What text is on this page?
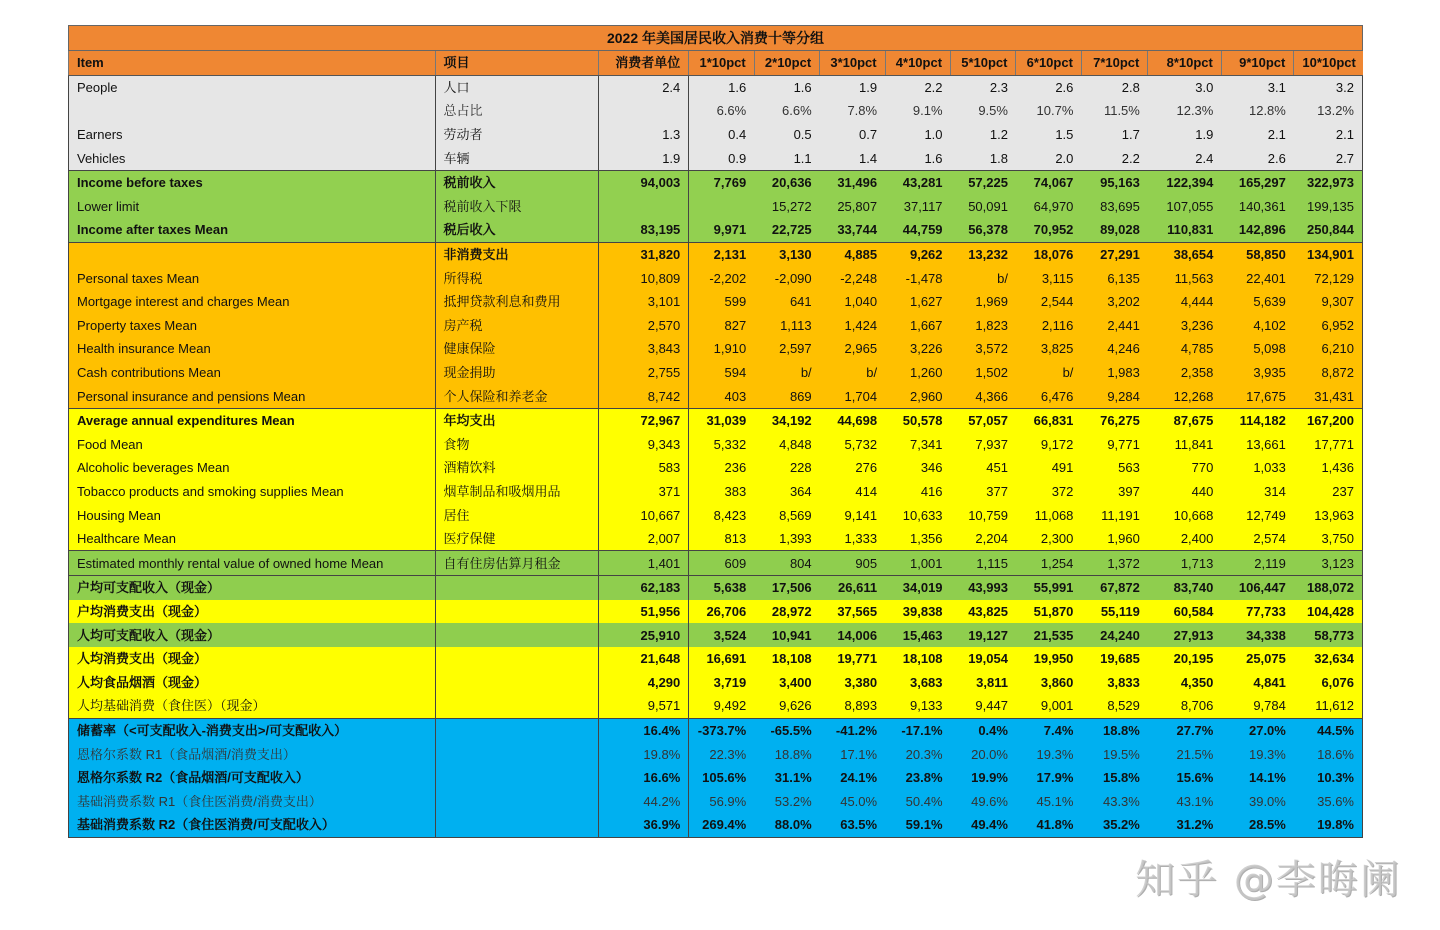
2022 年美国居民收入消费十等分组												
Item	项目	消费者单位	1*10pct	2*10pct	3*10pct	4*10pct	5*10pct	6*10pct	7*10pct	8*10pct	9*10pct	10*10pct
People	人口	2.4	1.6	1.6	1.9	2.2	2.3	2.6	2.8	3.0	3.1	3.2
	总占比		6.6%	6.6%	7.8%	9.1%	9.5%	10.7%	11.5%	12.3%	12.8%	13.2%
Earners	劳动者	1.3	0.4	0.5	0.7	1.0	1.2	1.5	1.7	1.9	2.1	2.1
Vehicles	车辆	1.9	0.9	1.1	1.4	1.6	1.8	2.0	2.2	2.4	2.6	2.7
Income before taxes	税前收入	94,003	7,769	20,636	31,496	43,281	57,225	74,067	95,163	122,394	165,297	322,973
Lower limit	税前收入下限			15,272	25,807	37,117	50,091	64,970	83,695	107,055	140,361	199,135
Income after taxes Mean	税后收入	83,195	9,971	22,725	33,744	44,759	56,378	70,952	89,028	110,831	142,896	250,844
	非消费支出	31,820	2,131	3,130	4,885	9,262	13,232	18,076	27,291	38,654	58,850	134,901
Personal taxes Mean	所得税	10,809	-2,202	-2,090	-2,248	-1,478	b/	3,115	6,135	11,563	22,401	72,129
Mortgage interest and charges Mean	抵押贷款利息和费用	3,101	599	641	1,040	1,627	1,969	2,544	3,202	4,444	5,639	9,307
Property taxes Mean	房产税	2,570	827	1,113	1,424	1,667	1,823	2,116	2,441	3,236	4,102	6,952
Health insurance Mean	健康保险	3,843	1,910	2,597	2,965	3,226	3,572	3,825	4,246	4,785	5,098	6,210
Cash contributions Mean	现金捐助	2,755	594	b/	b/	1,260	1,502	b/	1,983	2,358	3,935	8,872
Personal insurance and pensions Mean	个人保险和养老金	8,742	403	869	1,704	2,960	4,366	6,476	9,284	12,268	17,675	31,431
Average annual expenditures Mean	年均支出	72,967	31,039	34,192	44,698	50,578	57,057	66,831	76,275	87,675	114,182	167,200
Food Mean	食物	9,343	5,332	4,848	5,732	7,341	7,937	9,172	9,771	11,841	13,661	17,771
Alcoholic beverages Mean	酒精饮料	583	236	228	276	346	451	491	563	770	1,033	1,436
Tobacco products and smoking supplies Mean	烟草制品和吸烟用品	371	383	364	414	416	377	372	397	440	314	237
Housing Mean	居住	10,667	8,423	8,569	9,141	10,633	10,759	11,068	11,191	10,668	12,749	13,963
Healthcare Mean	医疗保健	2,007	813	1,393	1,333	1,356	2,204	2,300	1,960	2,400	2,574	3,750
Estimated monthly rental value of owned home Mean	自有住房估算月租金	1,401	609	804	905	1,001	1,115	1,254	1,372	1,713	2,119	3,123
户均可支配收入（现金）		62,183	5,638	17,506	26,611	34,019	43,993	55,991	67,872	83,740	106,447	188,072
户均消费支出（现金）		51,956	26,706	28,972	37,565	39,838	43,825	51,870	55,119	60,584	77,733	104,428
人均可支配收入（现金）		25,910	3,524	10,941	14,006	15,463	19,127	21,535	24,240	27,913	34,338	58,773
人均消费支出（现金）		21,648	16,691	18,108	19,771	18,108	19,054	19,950	19,685	20,195	25,075	32,634
人均食品烟酒（现金）		4,290	3,719	3,400	3,380	3,683	3,811	3,860	3,833	4,350	4,841	6,076
人均基础消费（食住医）（现金）		9,571	9,492	9,626	8,893	9,133	9,447	9,001	8,529	8,706	9,784	11,612
储蓄率（<可支配收入-消费支出>/可支配收入）		16.4%	-373.7%	-65.5%	-41.2%	-17.1%	0.4%	7.4%	18.8%	27.7%	27.0%	44.5%
恩格尔系数 R1（食品烟酒/消费支出）		19.8%	22.3%	18.8%	17.1%	20.3%	20.0%	19.3%	19.5%	21.5%	19.3%	18.6%
恩格尔系数 R2（食品烟酒/可支配收入）		16.6%	105.6%	31.1%	24.1%	23.8%	19.9%	17.9%	15.8%	15.6%	14.1%	10.3%
基础消费系数 R1（食住医消费/消费支出）		44.2%	56.9%	53.2%	45.0%	50.4%	49.6%	45.1%	43.3%	43.1%	39.0%	35.6%
基础消费系数 R2（食住医消费/可支配收入）		36.9%	269.4%	88.0%	63.5%	59.1%	49.4%	41.8%	35.2%	31.2%	28.5%	19.8%
知乎 @李晦阑
